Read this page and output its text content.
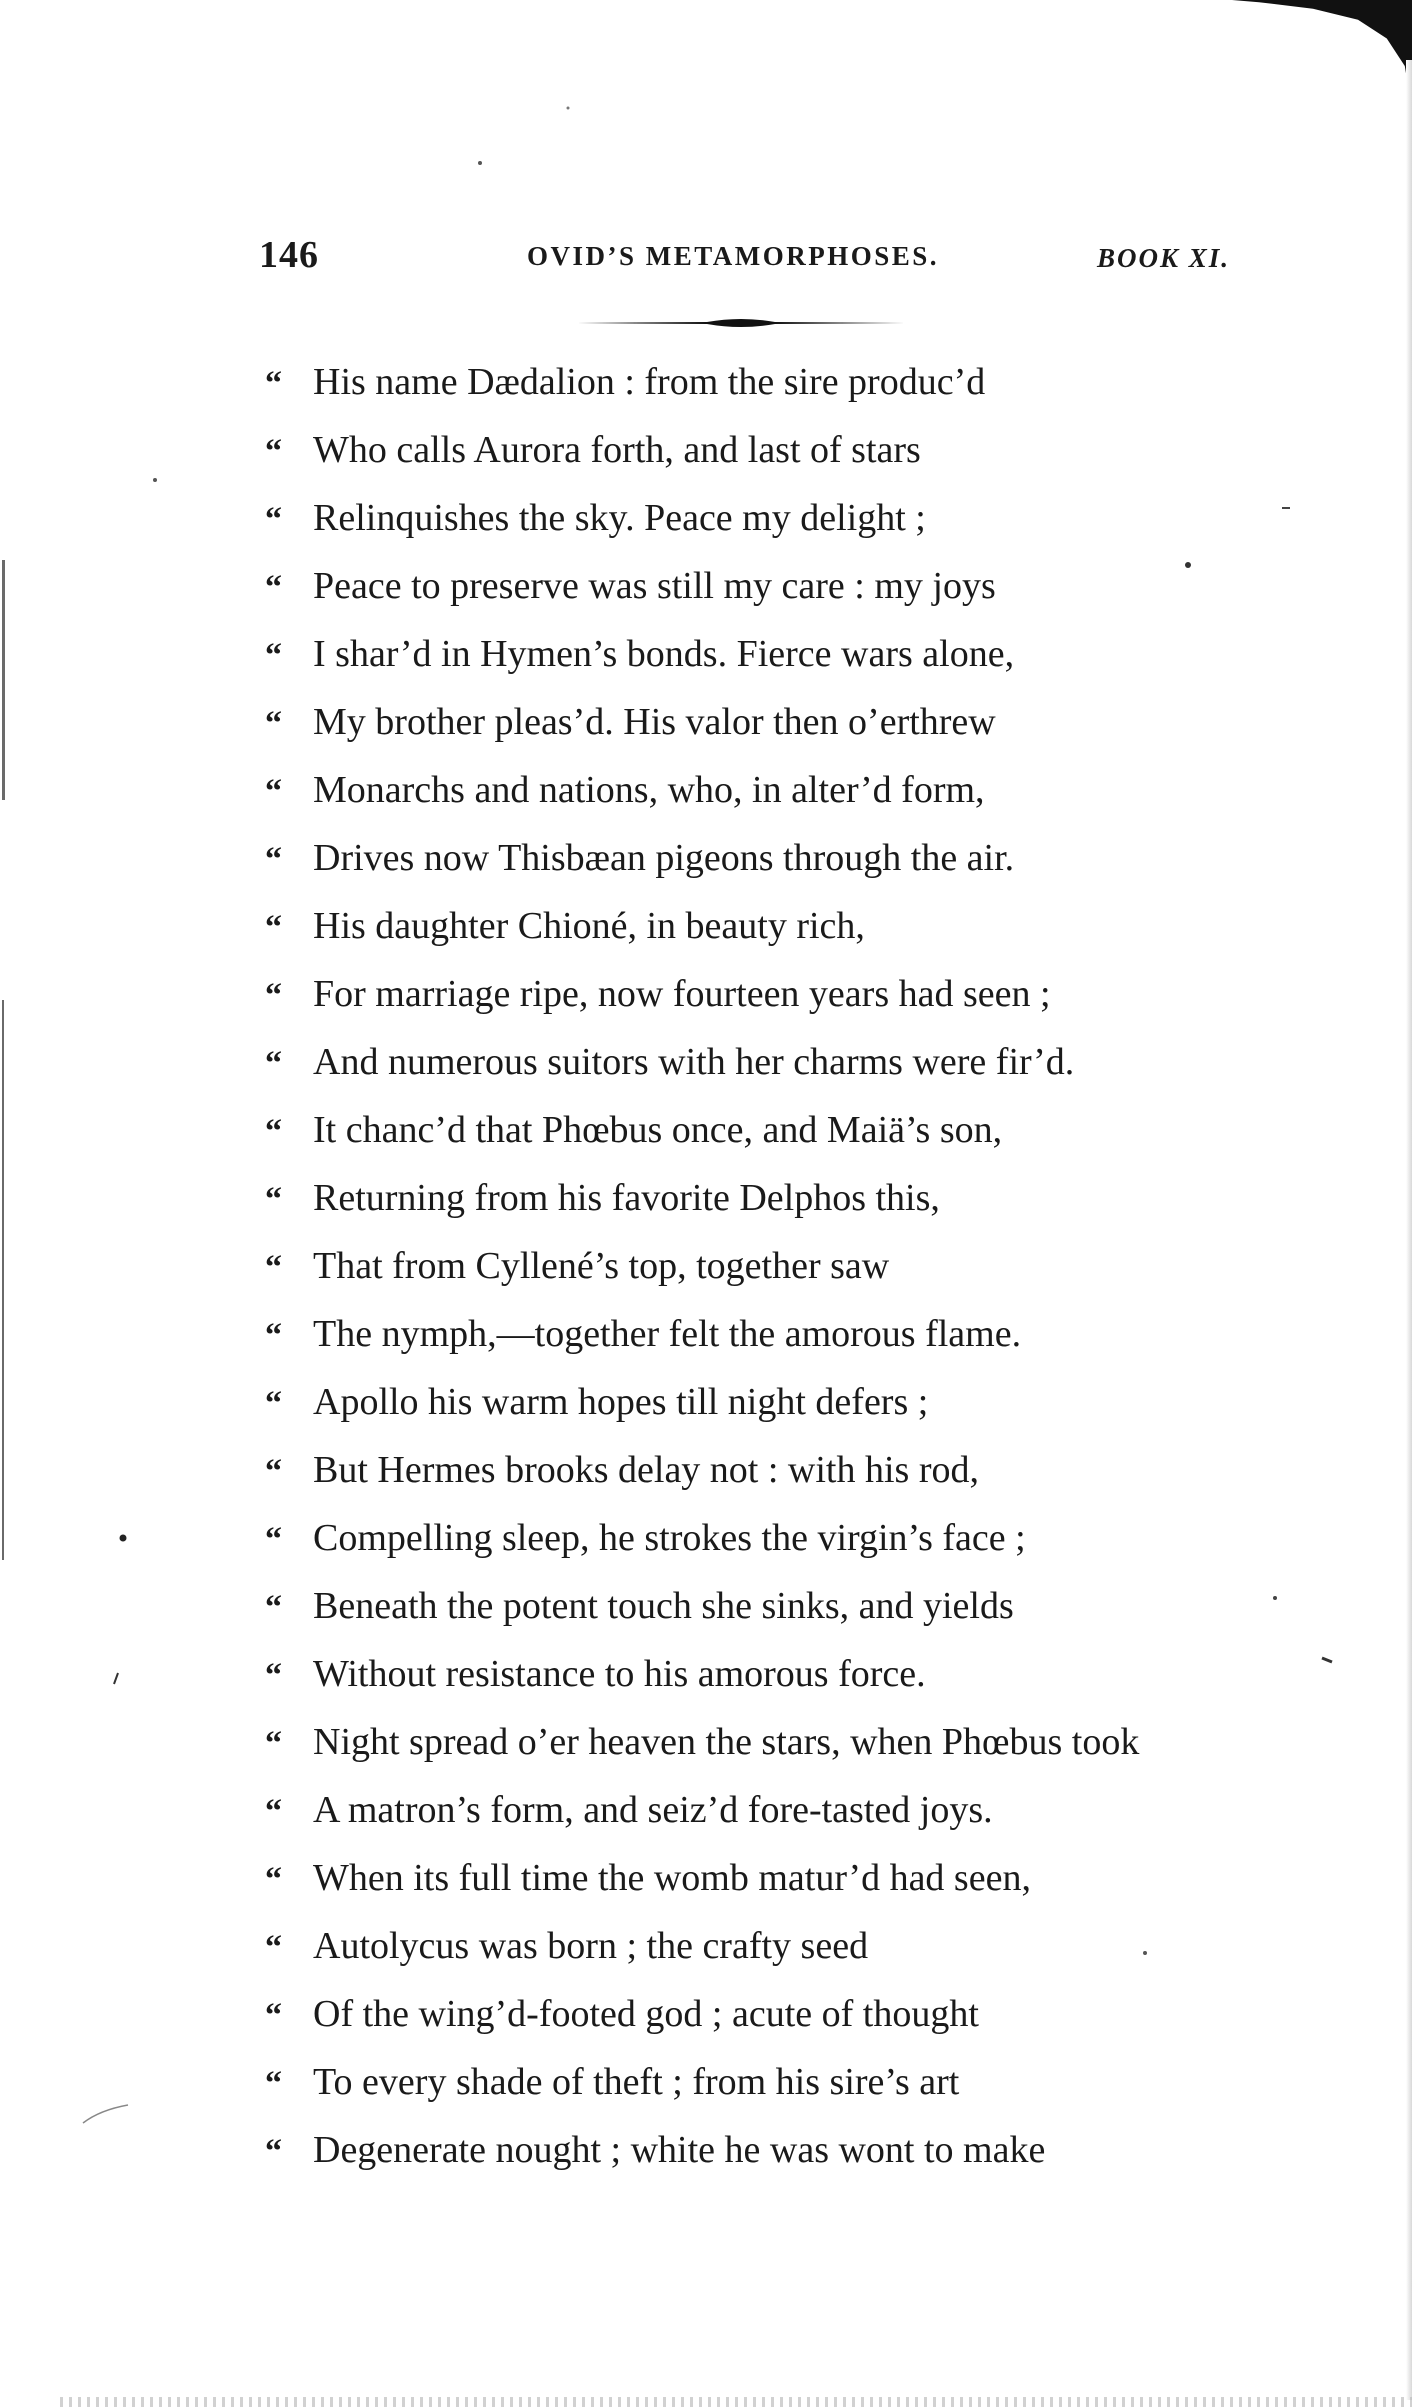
146	OVID’S METAMORPHOSES.	BOOK XI.
“ His name Dædalion : from the sire produc’d
“ Who calls Aurora forth, and last of stars
“ Relinquishes the sky. Peace my delight ;
“ Peace to preserve was still my care : my joys
“ I shar’d in Hymen’s bonds. Fierce wars alone,
“ My brother pleas’d. His valor then o’erthrew
“ Monarchs and nations, who, in alter’d form,
“ Drives now Thisbæan pigeons through the air.
“ His daughter Chioné, in beauty rich,
“ For marriage ripe, now fourteen years had seen ;
“ And numerous suitors with her charms were fir’d.
“ It chanc’d that Phœbus once, and Maiä’s son,
“ Returning from his favorite Delphos this,
“ That from Cyllené’s top, together saw
“ The nymph,—together felt the amorous flame.
“ Apollo his warm hopes till night defers ;
“ But Hermes brooks delay not : with his rod,
“ Compelling sleep, he strokes the virgin’s face ;
“ Beneath the potent touch she sinks, and yields
“ Without resistance to his amorous force.
“ Night spread o’er heaven the stars, when Phœbus took
“ A matron’s form, and seiz’d fore-tasted joys.
“ When its full time the womb matur’d had seen,
“ Autolycus was born ; the crafty seed
“ Of the wing’d-footed god ; acute of thought
“ To every shade of theft ; from his sire’s art
“ Degenerate nought ; white he was wont to make
